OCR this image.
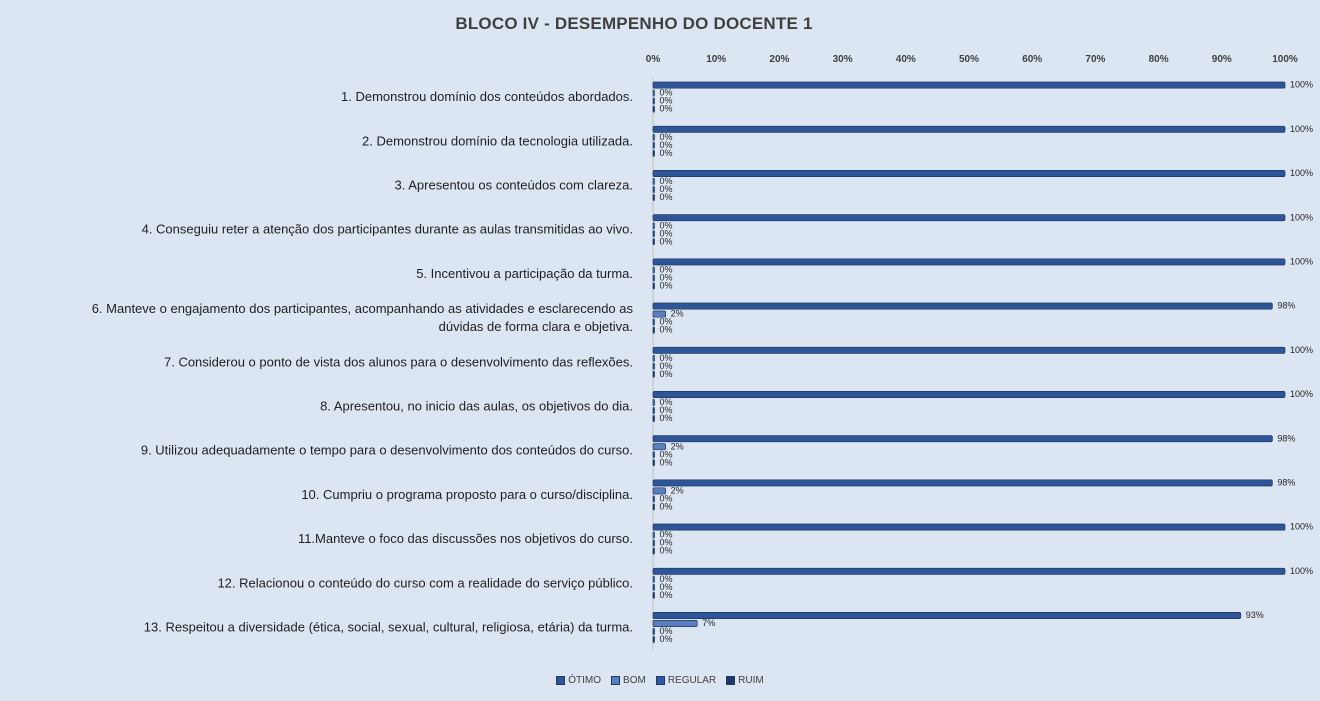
BLOCO IV - DESEMPENHO DO DOCENTE 1
0%	10%	20%	30%	40%	50%	60%	70%	80%	90%	100%
1. Demonstrou domínio dos conteúdos abordados.
100%
0%
0%
0%
2. Demonstrou domínio da tecnologia utilizada.
100%
0%
0%
0%
3. Apresentou os conteúdos com clareza.
100%
0%
0%
0%
4. Conseguiu reter a atenção dos participantes durante as aulas transmitidas ao vivo.
100%
0%
0%
0%
5. Incentivou a participação da turma.
100%
0%
0%
0%
6. Manteve o engajamento dos participantes, acompanhando as atividades e esclarecendo as
dúvidas de forma clara e objetiva.
98%
2%
0%
0%
7. Considerou o ponto de vista dos alunos para o desenvolvimento das reflexões.
100%
0%
0%
0%
8. Apresentou, no inicio das aulas, os objetivos do dia.
100%
0%
0%
0%
9. Utilizou adequadamente o tempo para o desenvolvimento dos conteúdos do curso.
98%
2%
0%
0%
10. Cumpriu o programa proposto para o curso/disciplina.
98%
2%
0%
0%
11.Manteve o foco das discussões nos objetivos do curso.
100%
0%
0%
0%
12. Relacionou o conteúdo do curso com a realidade do serviço público.
100%
0%
0%
0%
13. Respeitou a diversidade (ética, social, sexual, cultural, religiosa, etária) da turma.
93%
7%
0%
0%
ÓTIMO BOM REGULAR RUIM
